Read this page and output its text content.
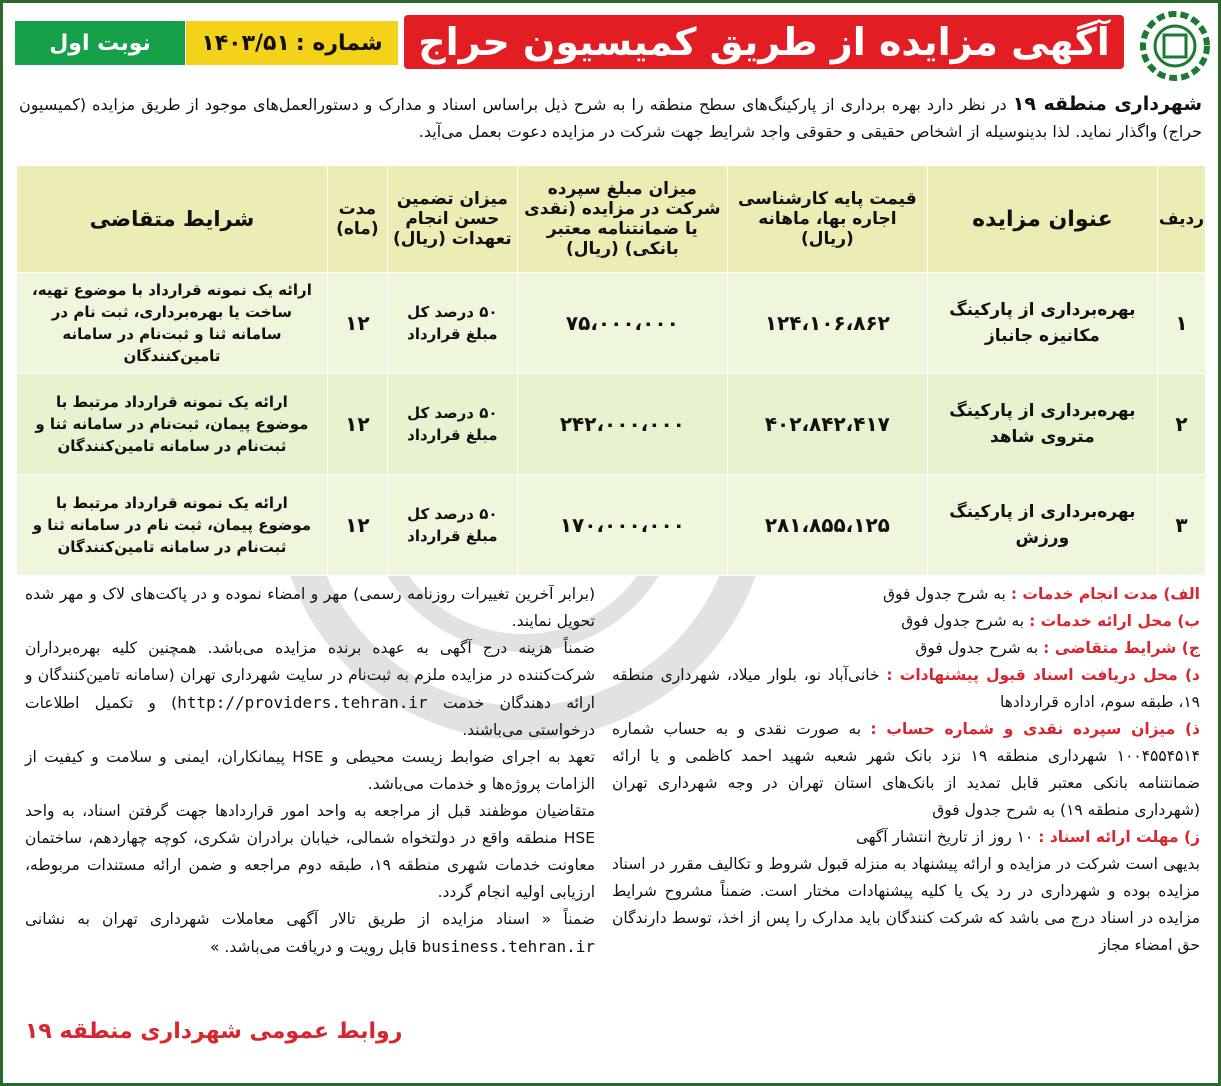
آگهی مزایده از طریق کمیسیون حراج
شماره :
۱۴۰۳/۵۱
نوبت اول
شهرداری منطقه ۱۹ در نظر دارد بهره برداری از پارکینگ‌های سطح منطقه را به شرح ذیل براساس اسناد و مدارک و دستورالعمل‌های موجود از طریق مزایده (کمیسیون حراج) واگذار نماید. لذا بدینوسیله از اشخاص حقیقی و حقوقی واجد شرایط جهت شرکت در مزایده دعوت بعمل می‌آید.
ردیف	عنوان مزایده	قیمت پایه کارشناسی اجاره بها، ماهانه (ریال)	میزان مبلغ سپرده شرکت در مزایده (نقدی یا ضمانتنامه معتبر بانکی) (ریال)	میزان تضمین حسن انجام تعهدات (ریال)	مدت (ماه)	شرایط متقاضی
۱	بهره‌برداری از پارکینگ مکانیزه جانباز	۱۲۴،۱۰۶،۸۶۲	۷۵،۰۰۰،۰۰۰	۵۰ درصد کل مبلغ قرارداد	۱۲	ارائه یک نمونه قرارداد با موضوع تهیه، ساخت یا بهره‌برداری، ثبت نام در سامانه ثنا و ثبت‌نام در سامانه تامین‌کنندگان
۲	بهره‌برداری از پارکینگ متروی شاهد	۴۰۲،۸۴۲،۴۱۷	۲۴۲،۰۰۰،۰۰۰	۵۰ درصد کل مبلغ قرارداد	۱۲	ارائه یک نمونه قرارداد مرتبط با موضوع پیمان، ثبت‌نام در سامانه ثنا و ثبت‌نام در سامانه تامین‌کنندگان
۳	بهره‌برداری از پارکینگ ورزش	۲۸۱،۸۵۵،۱۲۵	۱۷۰،۰۰۰،۰۰۰	۵۰ درصد کل مبلغ قرارداد	۱۲	ارائه یک نمونه قرارداد مرتبط با موضوع پیمان، ثبت نام در سامانه ثنا و ثبت‌نام در سامانه تامین‌کنندگان
الف) مدت انجام خدمات : به شرح جدول فوق
ب) محل ارائه خدمات : به شرح جدول فوق
ج) شرایط متقاضی : به شرح جدول فوق
د) محل دریافت اسناد قبول پیشنهادات : خانی‌آباد نو، بلوار میلاد، شهرداری منطقه ۱۹، طبقه سوم، اداره قراردادها
ذ) میزان سپرده نقدی و شماره حساب : به صورت نقدی و به حساب شماره ۱۰۰۴۵۵۴۵۱۴ شهرداری منطقه ۱۹ نزد بانک شهر شعبه شهید احمد کاظمی و یا ارائه ضمانتنامه بانکی معتبر قابل تمدید از بانک‌های استان تهران در وجه شهرداری تهران (شهرداری منطقه ۱۹) به شرح جدول فوق
ز) مهلت ارائه اسناد : ۱۰ روز از تاریخ انتشار آگهی
بدیهی است شرکت در مزایده و ارائه پیشنهاد به منزله قبول شروط و تکالیف مقرر در اسناد مزایده بوده و شهرداری در رد یک یا کلیه پیشنهادات مختار است. ضمناً مشروح شرایط مزایده در اسناد درج می باشد که شرکت کنندگان باید مدارک را پس از اخذ، توسط دارندگان حق امضاء مجاز
(برابر آخرین تغییرات روزنامه رسمی) مهر و امضاء نموده و در پاکت‌های لاک و مهر شده تحویل نمایند.
ضمناً هزینه درج آگهی به عهده برنده مزایده می‌باشد. همچنین کلیه بهره‌برداران شرکت‌کننده در مزایده ملزم به ثبت‌نام در سایت شهرداری تهران (سامانه تامین‌کنندگان و ارائه دهندگان خدمت http://providers.tehran.ir) و تکمیل اطلاعات درخواستی می‌باشند.
تعهد به اجرای ضوابط زیست محیطی و HSE پیمانکاران، ایمنی و سلامت و کیفیت از الزامات پروژه‌ها و خدمات می‌باشد.
متقاضیان موظفند قبل از مراجعه به واحد امور قراردادها جهت گرفتن اسناد، به واحد HSE منطقه واقع در دولتخواه شمالی، خیابان برادران شکری، کوچه چهاردهم، ساختمان معاونت خدمات شهری منطقه ۱۹، طبقه دوم مراجعه و ضمن ارائه مستندات مربوطه، ارزیابی اولیه انجام گردد.
ضمناً « اسناد مزایده از طریق تالار آگهی معاملات شهرداری تهران به نشانی business.tehran.ir قابل رویت و دریافت می‌باشد. »
روابط عمومی شهرداری منطقه ۱۹
